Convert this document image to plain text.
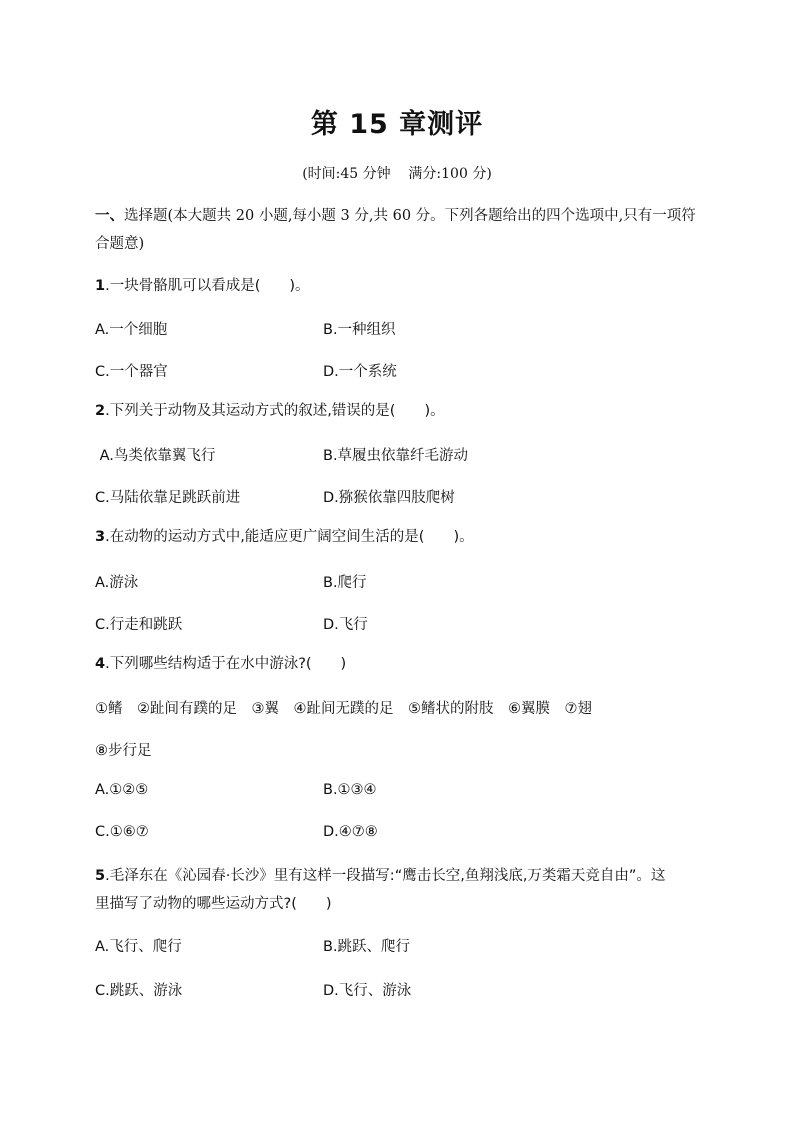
第 15 章测评
(时间:45 分钟    满分:100 分)
一、选择题(本大题共 20 小题,每小题 3 分,共 60 分。下列各题给出的四个选项中,只有一项符合题意)
1.一块骨骼肌可以看成是(　　)。
A.一个细胞	B.一种组织
C.一个器官	D.一个系统
2.下列关于动物及其运动方式的叙述,错误的是(　　)。
A.鸟类依靠翼飞行	B.草履虫依靠纤毛游动
C.马陆依靠足跳跃前进	D.猕猴依靠四肢爬树
3.在动物的运动方式中,能适应更广阔空间生活的是(　　)。
A.游泳	B.爬行
C.行走和跳跃	D.飞行
4.下列哪些结构适于在水中游泳?(　　)
①鳍　②趾间有蹼的足　③翼　④趾间无蹼的足　⑤鳍状的附肢　⑥翼膜　⑦翅
⑧步行足
A.①②⑤	B.①③④
C.①⑥⑦	D.④⑦⑧
5.毛泽东在《沁园春·长沙》里有这样一段描写:“鹰击长空,鱼翔浅底,万类霜天竞自由”。这里描写了动物的哪些运动方式?(　　)
A.飞行、爬行	B.跳跃、爬行
C.跳跃、游泳	D.飞行、游泳
